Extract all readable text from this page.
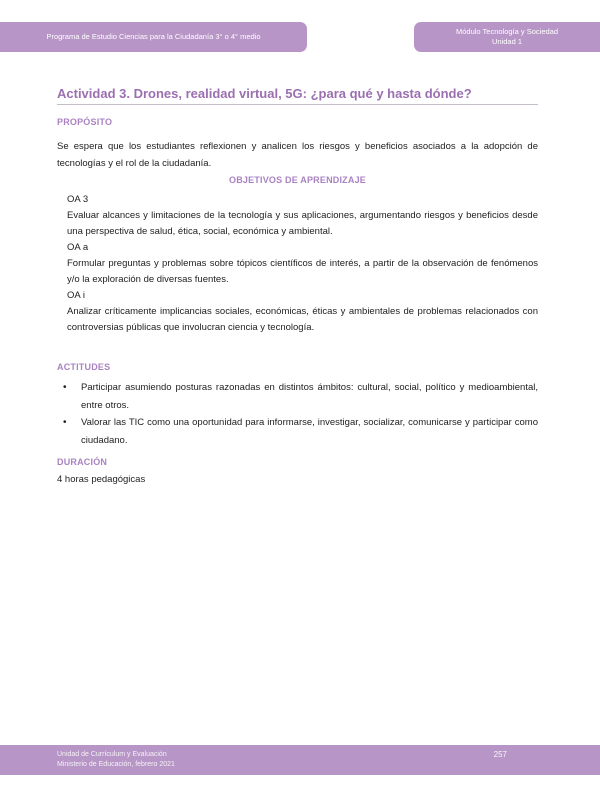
Programa de Estudio Ciencias para la Ciudadanía 3° o 4° medio
Módulo Tecnología y Sociedad
Unidad 1
Actividad 3. Drones, realidad virtual, 5G: ¿para qué y hasta dónde?
PROPÓSITO

Se espera que los estudiantes reflexionen y analicen los riesgos y beneficios asociados a la adopción de tecnologías y el rol de la ciudadanía.

OBJETIVOS DE APRENDIZAJE
OA 3
Evaluar alcances y limitaciones de la tecnología y sus aplicaciones, argumentando riesgos y beneficios desde una perspectiva de salud, ética, social, económica y ambiental.
OA a
Formular preguntas y problemas sobre tópicos científicos de interés, a partir de la observación de fenómenos y/o la exploración de diversas fuentes.
OA i
Analizar críticamente implicancias sociales, económicas, éticas y ambientales de problemas relacionados con controversias públicas que involucran ciencia y tecnología.
ACTITUDES
• Participar asumiendo posturas razonadas en distintos ámbitos: cultural, social, político y medioambiental, entre otros.
• Valorar las TIC como una oportunidad para informarse, investigar, socializar, comunicarse y participar como ciudadano.
DURACIÓN

4 horas pedagógicas

Unidad de Currículum y Evaluación
Ministerio de Educación, febrero 2021
257
